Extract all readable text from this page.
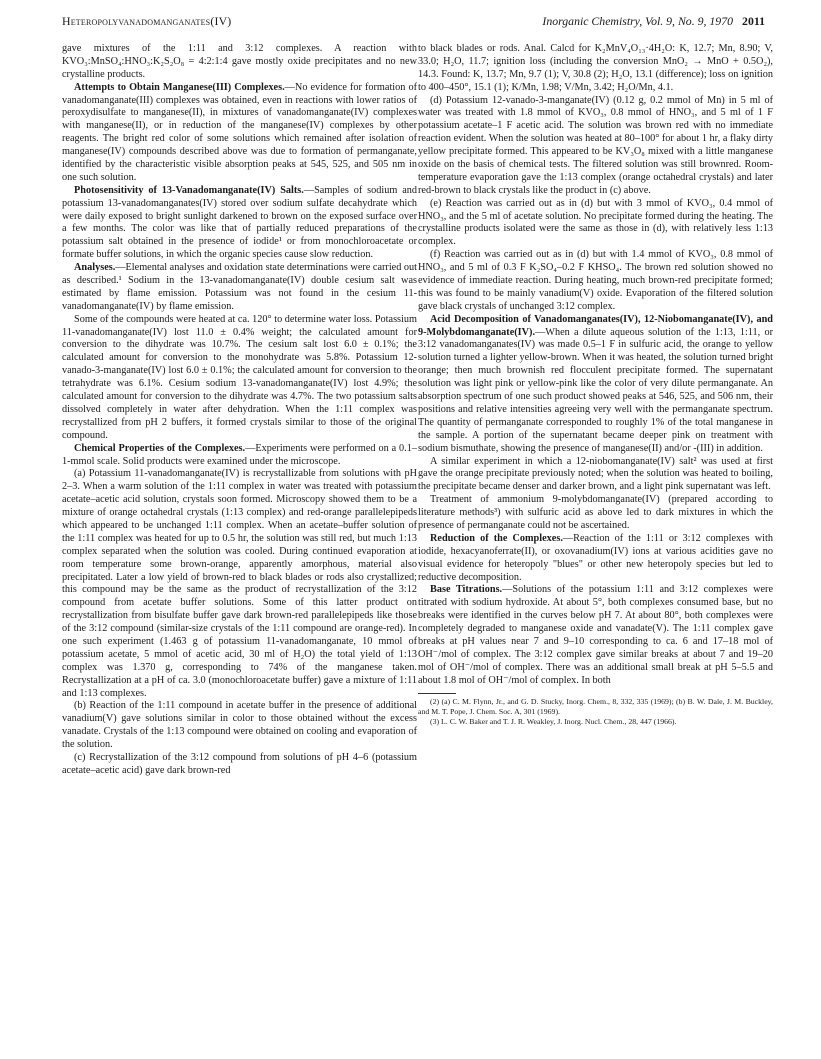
Heteropolyvanadomanganates(IV)	Inorganic Chemistry, Vol. 9, No. 9, 1970 2011

gave mixtures of the 1:11 and 3:12 complexes. A reaction with KVO₃:MnSO₄:HNO₃:K₂S₂O₈ = 4:2:1:4 gave mostly oxide precipitates and no new crystalline products.

Attempts to Obtain Manganese(III) Complexes.—No evidence for formation of vanadomanganate(III) complexes was obtained, even in reactions with lower ratios of peroxydisulfate to manganese(II), in mixtures of vanadomanganate(IV) complexes with manganese(II), or in reduction of the manganese(IV) complexes by other reagents. The bright red color of some solutions which remained after isolation of manganese(IV) compounds described above was due to formation of permanganate, identified by the characteristic visible absorption peaks at 545, 525, and 505 nm in one such solution.

Photosensitivity of 13-Vanadomanganate(IV) Salts.—Samples of sodium and potassium 13-vanadomanganates(IV) stored over sodium sulfate decahydrate which were daily exposed to bright sunlight darkened to brown on the exposed surface over a few months. The color was like that of partially reduced preparations of the potassium salt obtained in the presence of iodide¹ or from monochloroacetate or formate buffer solutions, in which the organic species cause slow reduction.

Analyses.—Elemental analyses and oxidation state determinations were carried out as described.¹ Sodium in the 13-vanadomanganate(IV) double cesium salt was estimated by flame emission. Potassium was not found in the cesium 11-vanadomanganate(IV) by flame emission.

Some of the compounds were heated at ca. 120° to determine water loss. Potassium 11-vanadomanganate(IV) lost 11.0 ± 0.4% weight; the calculated amount for conversion to the dihydrate was 10.7%. The cesium salt lost 6.0 ± 0.1%; the calculated amount for conversion to the monohydrate was 5.8%. Potassium 12-vanado-3-manganate(IV) lost 6.0 ± 0.1%; the calculated amount for conversion to the tetrahydrate was 6.1%. Cesium sodium 13-vanadomanganate(IV) lost 4.9%; the calculated amount for conversion to the dihydrate was 4.7%. The two potassium salts dissolved completely in water after dehydration. When the 1:11 complex was recrystallized from pH 2 buffers, it formed crystals similar to those of the original compound.

Chemical Properties of the Complexes.—Experiments were performed on a 0.1–1-mmol scale. Solid products were examined under the microscope.

(a) Potassium 11-vanadomanganate(IV) is recrystallizable from solutions with pH 2–3. When a warm solution of the 1:11 complex in water was treated with potassium acetate–acetic acid solution, crystals soon formed. Microscopy showed them to be a mixture of orange octahedral crystals (1:13 complex) and red-orange parallelepipeds which appeared to be unchanged 1:11 complex. When an acetate–buffer solution of the 1:11 complex was heated for up to 0.5 hr, the solution was still red, but much 1:13 complex separated when the solution was cooled. During continued evaporation at room temperature some brown-orange, apparently amorphous, material also precipitated. Later a low yield of brown-red to black blades or rods also crystallized; this compound may be the same as the product of recrystallization of the 3:12 compound from acetate buffer solutions. Some of this latter product on recrystallization from bisulfate buffer gave dark brown-red parallelepipeds like those of the 3:12 compound (similar-size crystals of the 1:11 compound are orange-red). In one such experiment (1.463 g of potassium 11-vanadomanganate, 10 mmol of potassium acetate, 5 mmol of acetic acid, 30 ml of H₂O) the total yield of 1:13 complex was 1.370 g, corresponding to 74% of the manganese taken. Recrystallization at a pH of ca. 3.0 (monochloroacetate buffer) gave a mixture of 1:11 and 1:13 complexes.

(b) Reaction of the 1:11 compound in acetate buffer in the presence of additional vanadium(V) gave solutions similar in color to those obtained without the excess vanadate. Crystals of the 1:13 compound were obtained on cooling and evaporation of the solution.

(c) Recrystallization of the 3:12 compound from solutions of pH 4–6 (potassium acetate–acetic acid) gave dark brown-red

to black blades or rods. Anal. Calcd for K₂MnV₄O₁₃·4H₂O: K, 12.7; Mn, 8.90; V, 33.0; H₂O, 11.7; ignition loss (including the conversion MnO₂ → MnO + 0.5O₂), 14.3. Found: K, 13.7; Mn, 9.7 (1); V, 30.8 (2); H₂O, 13.1 (difference); loss on ignition to 400–450°, 15.1 (1); K/Mn, 1.98; V/Mn, 3.42; H₂O/Mn, 4.1.

(d) Potassium 12-vanado-3-manganate(IV) (0.12 g, 0.2 mmol of Mn) in 5 ml of water was treated with 1.8 mmol of KVO₃, 0.8 mmol of HNO₃, and 5 ml of 1 F potassium acetate–1 F acetic acid. The solution was brown red with no immediate reaction evident. When the solution was heated at 80–100° for about 1 hr, a flaky dirty yellow precipitate formed. This appeared to be KV₃O₈ mixed with a little manganese oxide on the basis of chemical tests. The filtered solution was still brownred. Room-temperature evaporation gave the 1:13 complex (orange octahedral crystals) and later red-brown to black crystals like the product in (c) above.

(e) Reaction was carried out as in (d) but with 3 mmol of KVO₃, 0.4 mmol of HNO₃, and the 5 ml of acetate solution. No precipitate formed during the heating. The crystalline products isolated were the same as those in (d), with relatively less 1:13 complex.

(f) Reaction was carried out as in (d) but with 1.4 mmol of KVO₃, 0.8 mmol of HNO₃, and 5 ml of 0.3 F K₂SO₄–0.2 F KHSO₄. The brown red solution showed no evidence of immediate reaction. During heating, much brown-red precipitate formed; this was found to be mainly vanadium(V) oxide. Evaporation of the filtered solution gave black crystals of unchanged 3:12 complex.

Acid Decomposition of Vanadomanganates(IV), 12-Niobomanganate(IV), and 9-Molybdomanganate(IV).—When a dilute aqueous solution of the 1:13, 1:11, or 3:12 vanadomanganates(IV) was made 0.5–1 F in sulfuric acid, the orange to yellow solution turned a lighter yellow-brown. When it was heated, the solution turned bright orange; then much brownish red flocculent precipitate formed. The supernatant solution was light pink or yellow-pink like the color of very dilute permanganate. An absorption spectrum of one such product showed peaks at 546, 525, and 506 nm, their positions and relative intensities agreeing very well with the permanganate spectrum. The quantity of permanganate corresponded to roughly 1% of the total manganese in the sample. A portion of the supernatant became deeper pink on treatment with sodium bismuthate, showing the presence of manganese(II) and/or -(III) in addition.

A similar experiment in which a 12-niobomanganate(IV) salt² was used at first gave the orange precipitate previously noted; when the solution was heated to boiling, the precipitate became denser and darker brown, and a light pink supernatant was left.

Treatment of ammonium 9-molybdomanganate(IV) (prepared according to literature methods³) with sulfuric acid as above led to dark mixtures in which the presence of permanganate could not be ascertained.

Reduction of the Complexes.—Reaction of the 1:11 or 3:12 complexes with iodide, hexacyanoferrate(II), or oxovanadium(IV) ions at various acidities gave no visual evidence for heteropoly "blues" or other new heteropoly species but led to reductive decomposition.

Base Titrations.—Solutions of the potassium 1:11 and 3:12 complexes were titrated with sodium hydroxide. At about 5°, both complexes consumed base, but no breaks were identified in the curves below pH 7. At about 80°, both complexes were completely degraded to manganese oxide and vanadate(V). The 1:11 complex gave breaks at pH values near 7 and 9–10 corresponding to ca. 6 and 17–18 mol of OH⁻/mol of complex. The 3:12 complex gave similar breaks at about 7 and 19–20 mol of OH⁻/mol of complex. There was an additional small break at pH 5–5.5 and about 1.8 mol of OH⁻/mol of complex. In both

(2) (a) C. M. Flynn, Jr., and G. D. Stucky, Inorg. Chem., 8, 332, 335 (1969); (b) B. W. Dale, J. M. Buckley, and M. T. Pope, J. Chem. Soc. A, 301 (1969).

(3) L. C. W. Baker and T. J. R. Weakley, J. Inorg. Nucl. Chem., 28, 447 (1966).
